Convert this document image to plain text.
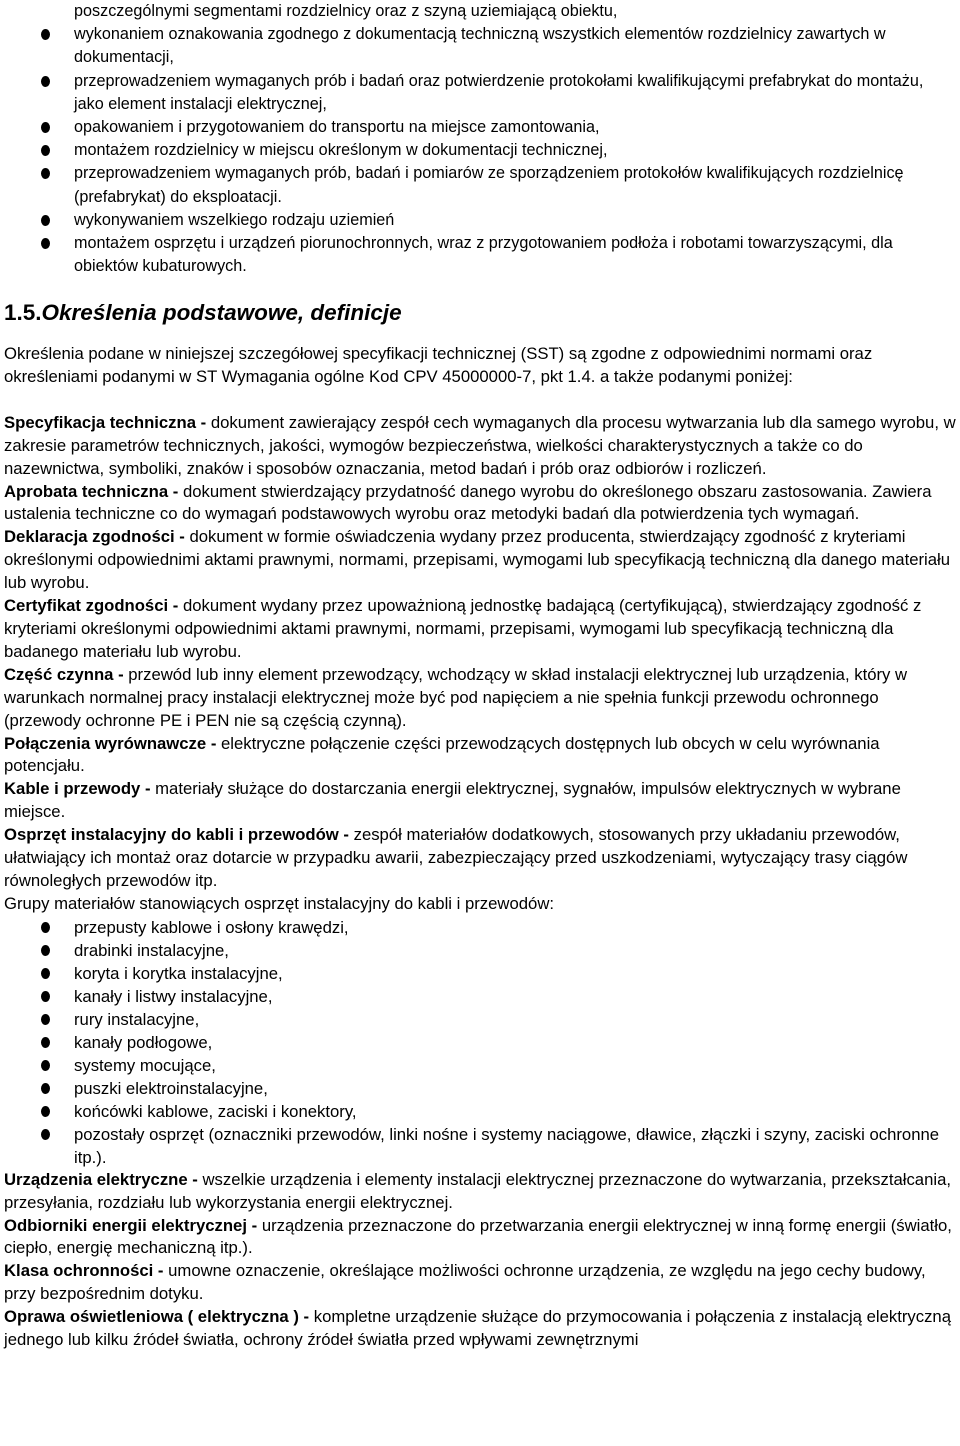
poszczególnymi segmentami rozdzielnicy oraz z szyną uziemiającą obiektu,
wykonaniem oznakowania zgodnego z dokumentacją techniczną wszystkich elementów rozdzielnicy zawartych w dokumentacji,
przeprowadzeniem wymaganych prób i badań oraz potwierdzenie protokołami kwalifikującymi prefabrykat do montażu, jako element instalacji elektrycznej,
opakowaniem i przygotowaniem do transportu na miejsce zamontowania,
montażem rozdzielnicy w miejscu określonym w dokumentacji technicznej,
przeprowadzeniem wymaganych prób, badań i pomiarów ze sporządzeniem protokołów kwalifikujących rozdzielnicę (prefabrykat) do eksploatacji.
wykonywaniem wszelkiego rodzaju uziemień
montażem osprzętu i urządzeń piorunochronnych, wraz z przygotowaniem podłoża i robotami towarzyszącymi, dla obiektów kubaturowych.
1.5.Określenia podstawowe, definicje

Określenia podane w niniejszej szczegółowej specyfikacji technicznej (SST) są zgodne z odpowiednimi normami oraz określeniami podanymi w ST Wymagania ogólne Kod CPV 45000000-7, pkt 1.4. a także podanymi poniżej:

Specyfikacja techniczna - dokument zawierający zespół cech wymaganych dla procesu wytwarzania lub dla samego wyrobu, w zakresie parametrów technicznych, jakości, wymogów bezpieczeństwa, wielkości charakterystycznych a także co do nazewnictwa, symboliki, znaków i sposobów oznaczania, metod badań i prób oraz odbiorów i rozliczeń.

Aprobata techniczna - dokument stwierdzający przydatność danego wyrobu do określonego obszaru zastosowania. Zawiera ustalenia techniczne co do wymagań podstawowych wyrobu oraz metodyki badań dla potwierdzenia tych wymagań.

Deklaracja zgodności - dokument w formie oświadczenia wydany przez producenta, stwierdzający zgodność z kryteriami określonymi odpowiednimi aktami prawnymi, normami, przepisami, wymogami lub specyfikacją techniczną dla danego materiału lub wyrobu.

Certyfikat zgodności - dokument wydany przez upoważnioną jednostkę badającą (certyfikującą), stwierdzający zgodność z kryteriami określonymi odpowiednimi aktami prawnymi, normami, przepisami, wymogami lub specyfikacją techniczną dla badanego materiału lub wyrobu.

Część czynna - przewód lub inny element przewodzący, wchodzący w skład instalacji elektrycznej lub urządzenia, który w warunkach normalnej pracy instalacji elektrycznej może być pod napięciem a nie spełnia funkcji przewodu ochronnego (przewody ochronne PE i PEN nie są częścią czynną).

Połączenia wyrównawcze - elektryczne połączenie części przewodzących dostępnych lub obcych w celu wyrównania potencjału.

Kable i przewody - materiały służące do dostarczania energii elektrycznej, sygnałów, impulsów elektrycznych w wybrane miejsce.

Osprzęt instalacyjny do kabli i przewodów - zespół materiałów dodatkowych, stosowanych przy układaniu przewodów, ułatwiający ich montaż oraz dotarcie w przypadku awarii, zabezpieczający przed uszkodzeniami, wytyczający trasy ciągów równoległych przewodów itp.

Grupy materiałów stanowiących osprzęt instalacyjny do kabli i przewodów:

przepusty kablowe i osłony krawędzi,
drabinki instalacyjne,
koryta i korytka instalacyjne,
kanały i listwy instalacyjne,
rury instalacyjne,
kanały podłogowe,
systemy mocujące,
puszki elektroinstalacyjne,
końcówki kablowe, zaciski i konektory,
pozostały osprzęt (oznaczniki przewodów, linki nośne i systemy naciągowe, dławice, złączki i szyny, zaciski ochronne itp.).

Urządzenia elektryczne - wszelkie urządzenia i elementy instalacji elektrycznej przeznaczone do wytwarzania, przekształcania, przesyłania, rozdziału lub wykorzystania energii elektrycznej.

Odbiorniki energii elektrycznej - urządzenia przeznaczone do przetwarzania energii elektrycznej w inną formę energii (światło, ciepło, energię mechaniczną itp.).

Klasa ochronności - umowne oznaczenie, określające możliwości ochronne urządzenia, ze względu na jego cechy budowy, przy bezpośrednim dotyku.

Oprawa oświetleniowa ( elektryczna ) - kompletne urządzenie służące do przymocowania i połączenia z instalacją elektryczną jednego lub kilku źródeł światła, ochrony źródeł światła przed wpływami zewnętrznymi
